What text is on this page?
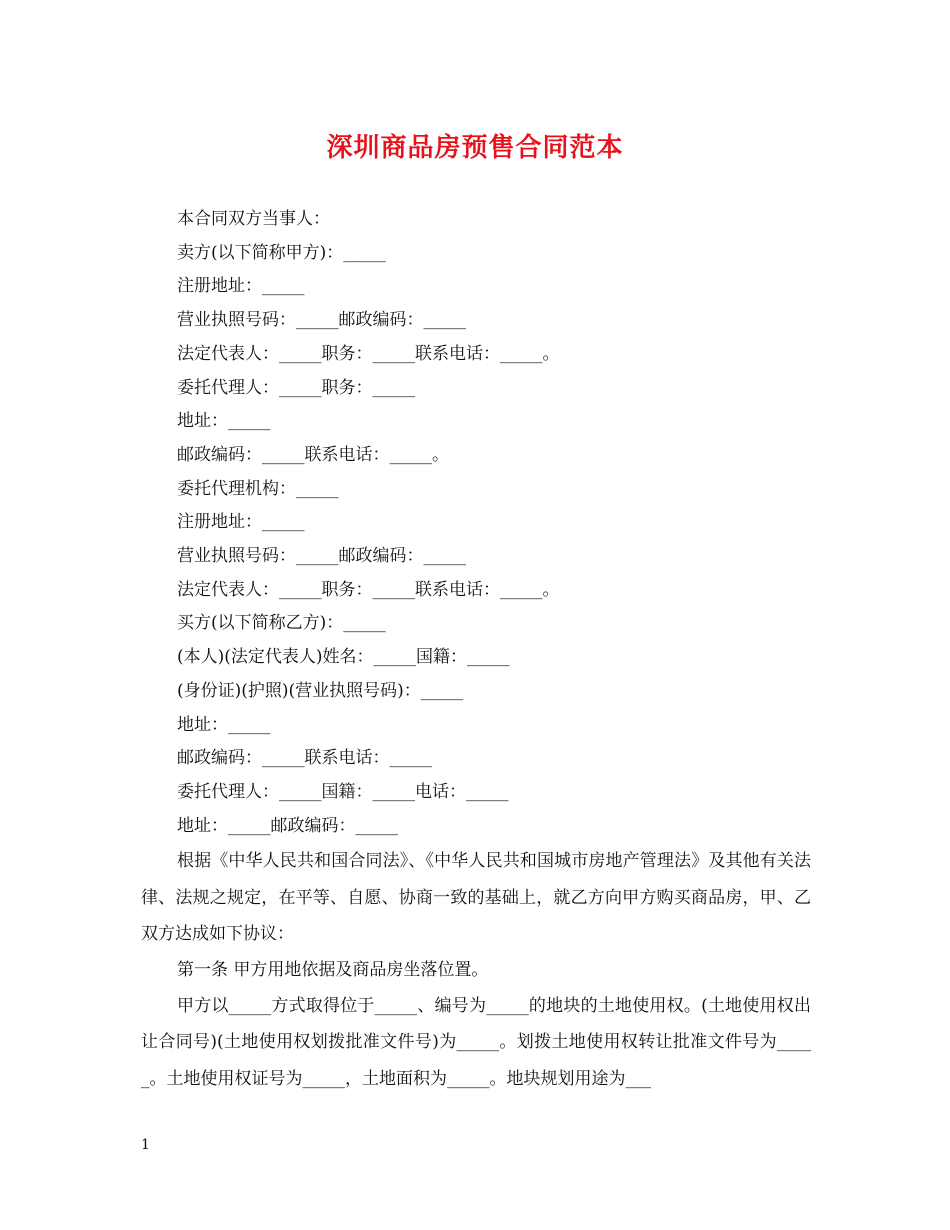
深圳商品房预售合同范本

本合同双方当事人：

卖方(以下简称甲方)：_____

注册地址：_____

营业执照号码：_____邮政编码：_____

法定代表人：_____职务：_____联系电话：_____。

委托代理人：_____职务：_____

地址：_____

邮政编码：_____联系电话：_____。

委托代理机构：_____

注册地址：_____

营业执照号码：_____邮政编码：_____

法定代表人：_____职务：_____联系电话：_____。

买方(以下简称乙方)：_____

(本人)(法定代表人)姓名：_____国籍：_____

(身份证)(护照)(营业执照号码)：_____

地址：_____

邮政编码：_____联系电话：_____

委托代理人：_____国籍：_____电话：_____

地址：_____邮政编码：_____

根据《中华人民共和国合同法》、《中华人民共和国城市房地产管理法》及其他有关法律、法规之规定，在平等、自愿、协商一致的基础上，就乙方向甲方购买商品房，甲、乙双方达成如下协议：

第一条 甲方用地依据及商品房坐落位置。

甲方以_____方式取得位于_____、编号为_____的地块的土地使用权。(土地使用权出让合同号)(土地使用权划拨批准文件号)为_____。划拨土地使用权转让批准文件号为_____。土地使用权证号为_____，土地面积为_____。地块规划用途为___

1
